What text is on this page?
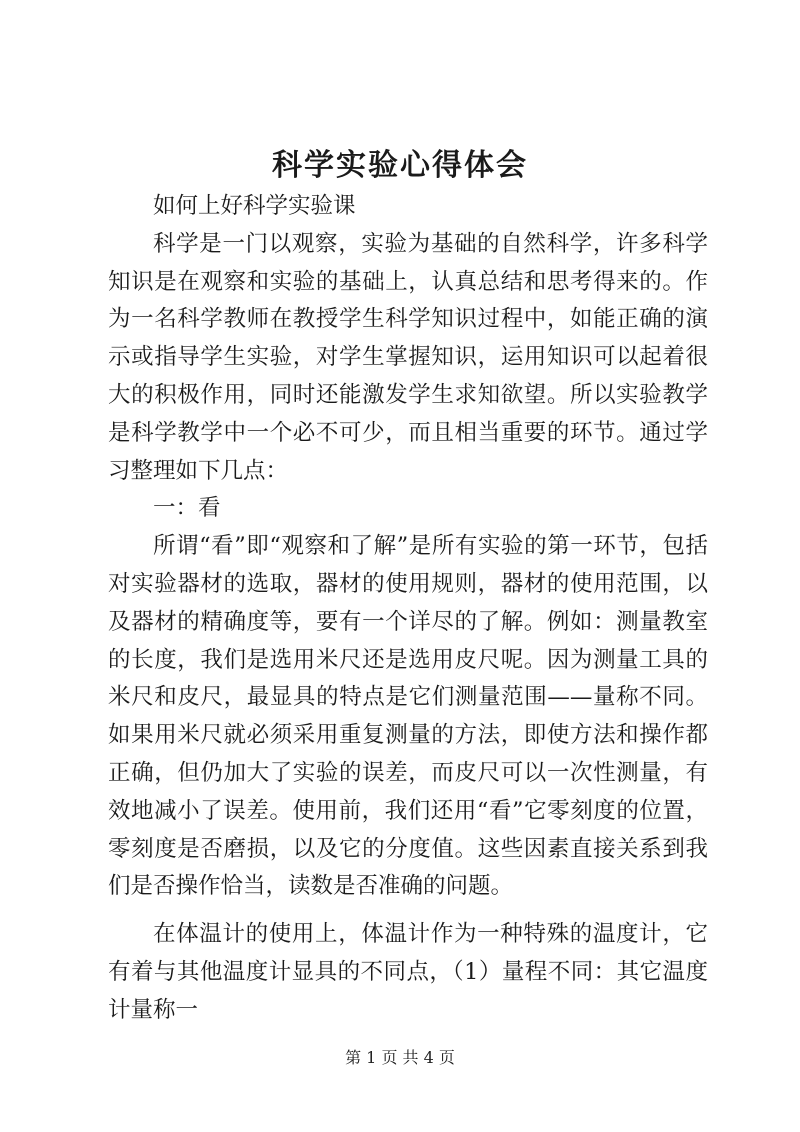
科学实验心得体会

如何上好科学实验课

科学是一门以观察，实验为基础的自然科学，许多科学知识是在观察和实验的基础上，认真总结和思考得来的。作为一名科学教师在教授学生科学知识过程中，如能正确的演示或指导学生实验，对学生掌握知识，运用知识可以起着很大的积极作用，同时还能激发学生求知欲望。所以实验教学是科学教学中一个必不可少，而且相当重要的环节。通过学习整理如下几点：

一：看

所谓“看”即“观察和了解”是所有实验的第一环节，包括对实验器材的选取，器材的使用规则，器材的使用范围，以及器材的精确度等，要有一个详尽的了解。例如：测量教室的长度，我们是选用米尺还是选用皮尺呢。因为测量工具的米尺和皮尺，最显具的特点是它们测量范围——量称不同。如果用米尺就必须采用重复测量的方法，即使方法和操作都正确，但仍加大了实验的误差，而皮尺可以一次性测量，有效地减小了误差。使用前，我们还用“看”它零刻度的位置，零刻度是否磨损，以及它的分度值。这些因素直接关系到我们是否操作恰当，读数是否准确的问题。

在体温计的使用上，体温计作为一种特殊的温度计，它有着与其他温度计显具的不同点，（1）量程不同：其它温度计量称一

第 1 页 共 4 页
